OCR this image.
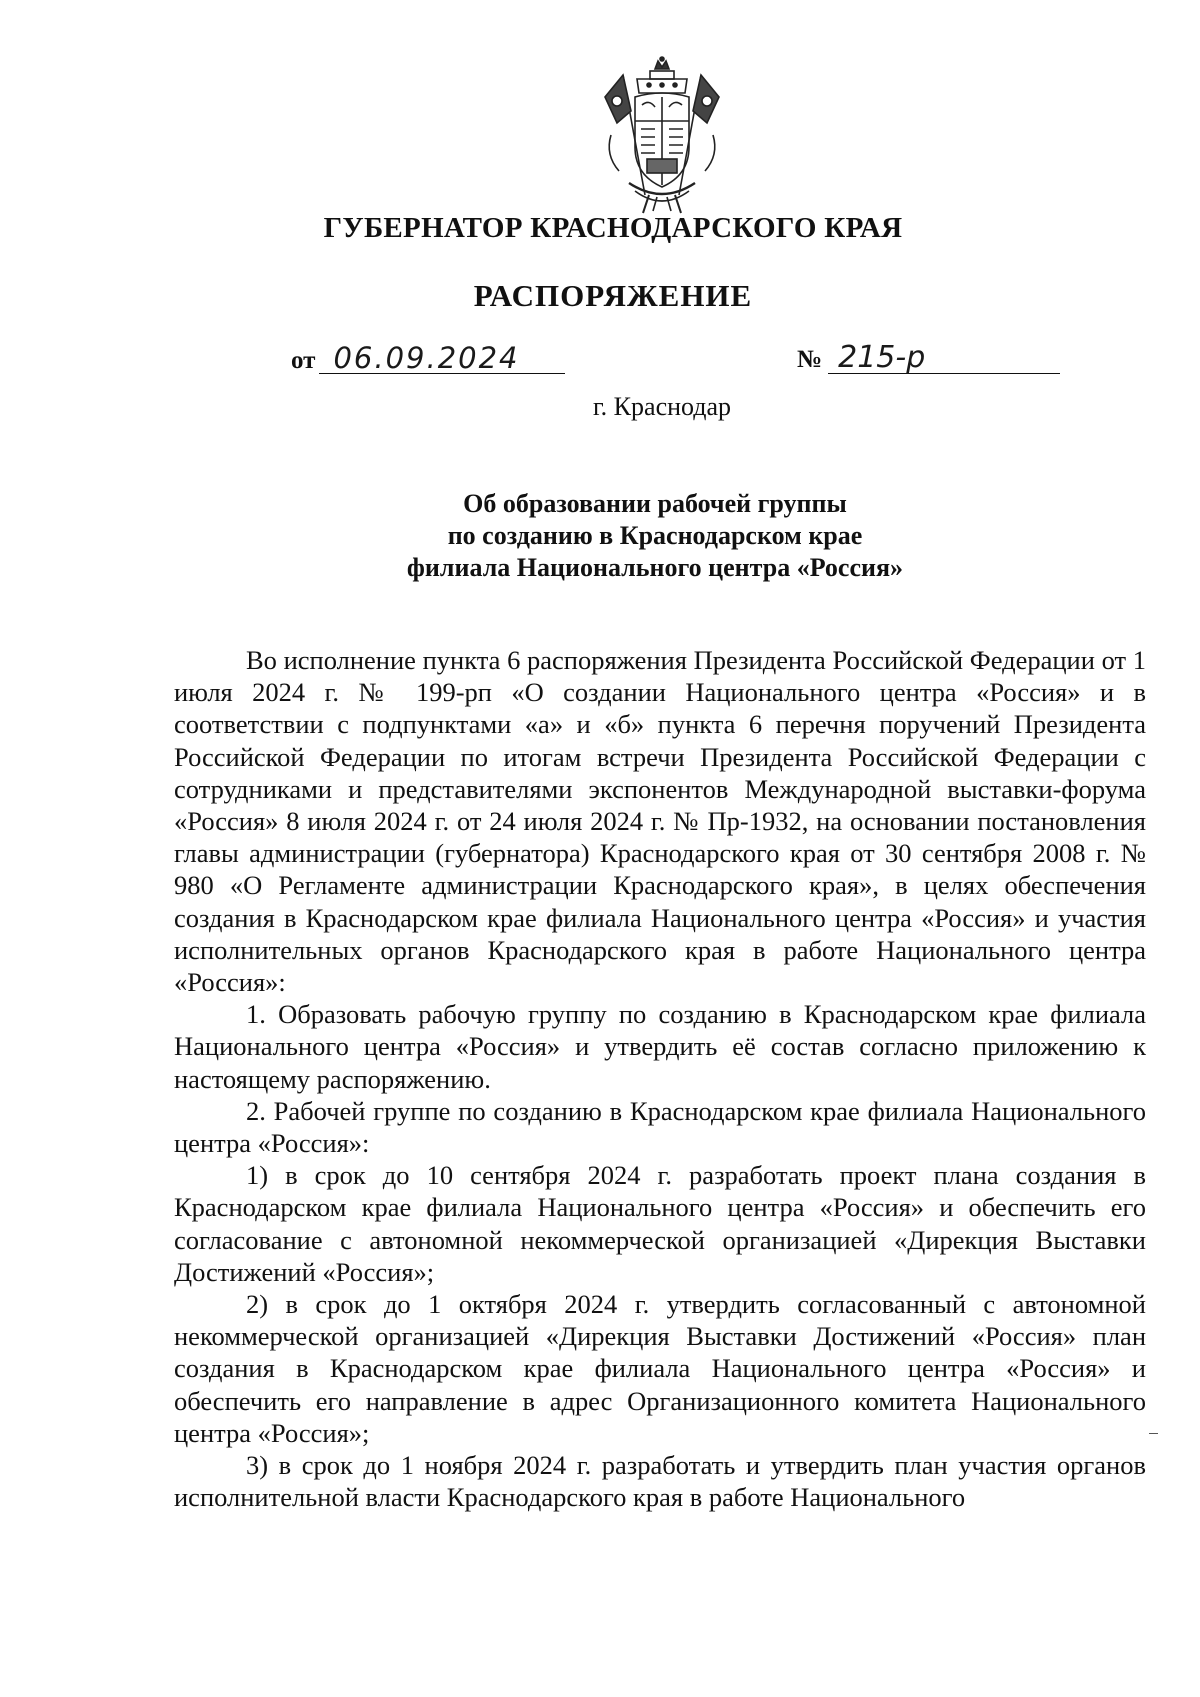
ГУБЕРНАТОР КРАСНОДАРСКОГО КРАЯ
РАСПОРЯЖЕНИЕ
от 06.09.2024	№ 215-р
г. Краснодар
Об образовании рабочей группы
по созданию в Краснодарском крае
филиала Национального центра «Россия»

Во исполнение пункта 6 распоряжения Президента Российской Федерации от 1 июля 2024 г. № 199-рп «О создании Национального центра «Россия» и в соответствии с подпунктами «а» и «б» пункта 6 перечня поручений Президента Российской Федерации по итогам встречи Президента Российской Федерации с сотрудниками и представителями экспонентов Международной выставки-форума «Россия» 8 июля 2024 г. от 24 июля 2024 г. № Пр-1932, на основании постановления главы администрации (губернатора) Краснодарского края от 30 сентября 2008 г. № 980 «О Регламенте администрации Краснодарского края», в целях обеспечения создания в Краснодарском крае филиала Национального центра «Россия» и участия исполнительных органов Краснодарского края в работе Национального центра «Россия»:

1. Образовать рабочую группу по созданию в Краснодарском крае филиала Национального центра «Россия» и утвердить её состав согласно приложению к настоящему распоряжению.

2. Рабочей группе по созданию в Краснодарском крае филиала Национального центра «Россия»:

1) в срок до 10 сентября 2024 г. разработать проект плана создания в Краснодарском крае филиала Национального центра «Россия» и обеспечить его согласование с автономной некоммерческой организацией «Дирекция Выставки Достижений «Россия»;

2) в срок до 1 октября 2024 г. утвердить согласованный с автономной некоммерческой организацией «Дирекция Выставки Достижений «Россия» план создания в Краснодарском крае филиала Национального центра «Россия» и обеспечить его направление в адрес Организационного комитета Национального центра «Россия»;

3) в срок до 1 ноября 2024 г. разработать и утвердить план участия органов исполнительной власти Краснодарского края в работе Национального
